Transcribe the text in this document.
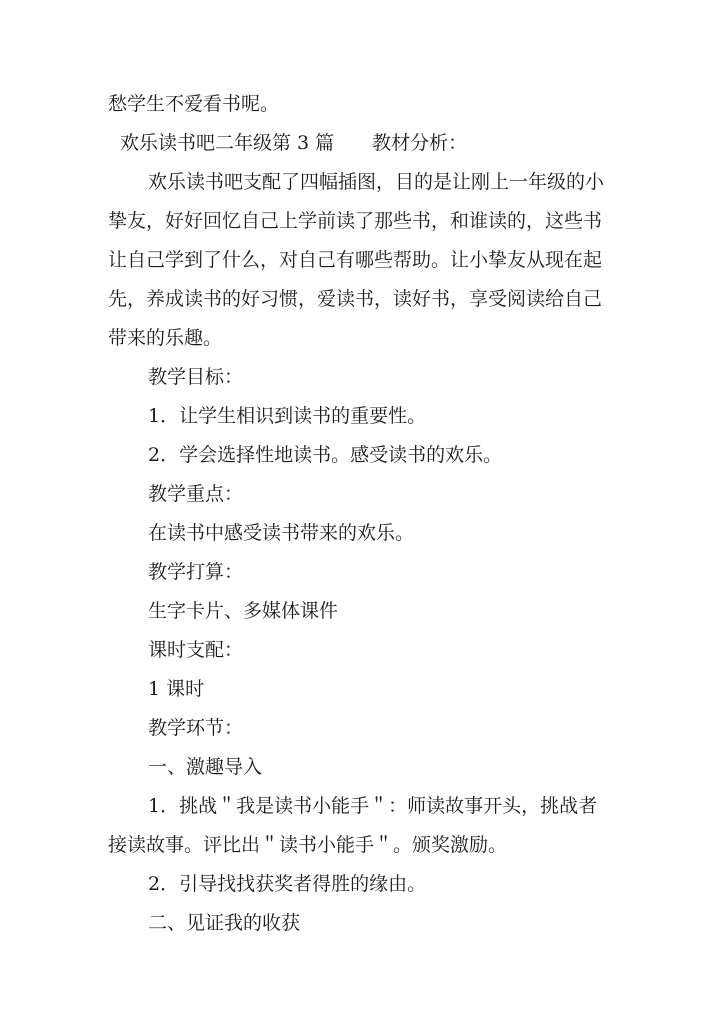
愁学生不爱看书呢。
欢乐读书吧二年级第 3 篇 教材分析：
欢乐读书吧支配了四幅插图，目的是让刚上一年级的小
挚友，好好回忆自己上学前读了那些书，和谁读的，这些书
让自己学到了什么，对自己有哪些帮助。让小挚友从现在起
先，养成读书的好习惯，爱读书，读好书，享受阅读给自己
带来的乐趣。
教学目标：
1．让学生相识到读书的重要性。
2．学会选择性地读书。感受读书的欢乐。
教学重点：
在读书中感受读书带来的欢乐。
教学打算：
生字卡片、多媒体课件
课时支配：
1 课时
教学环节：
一、激趣导入
1．挑战＂我是读书小能手＂：师读故事开头，挑战者
接读故事。评比出＂读书小能手＂。颁奖激励。
2．引导找找获奖者得胜的缘由。
二、见证我的收获
